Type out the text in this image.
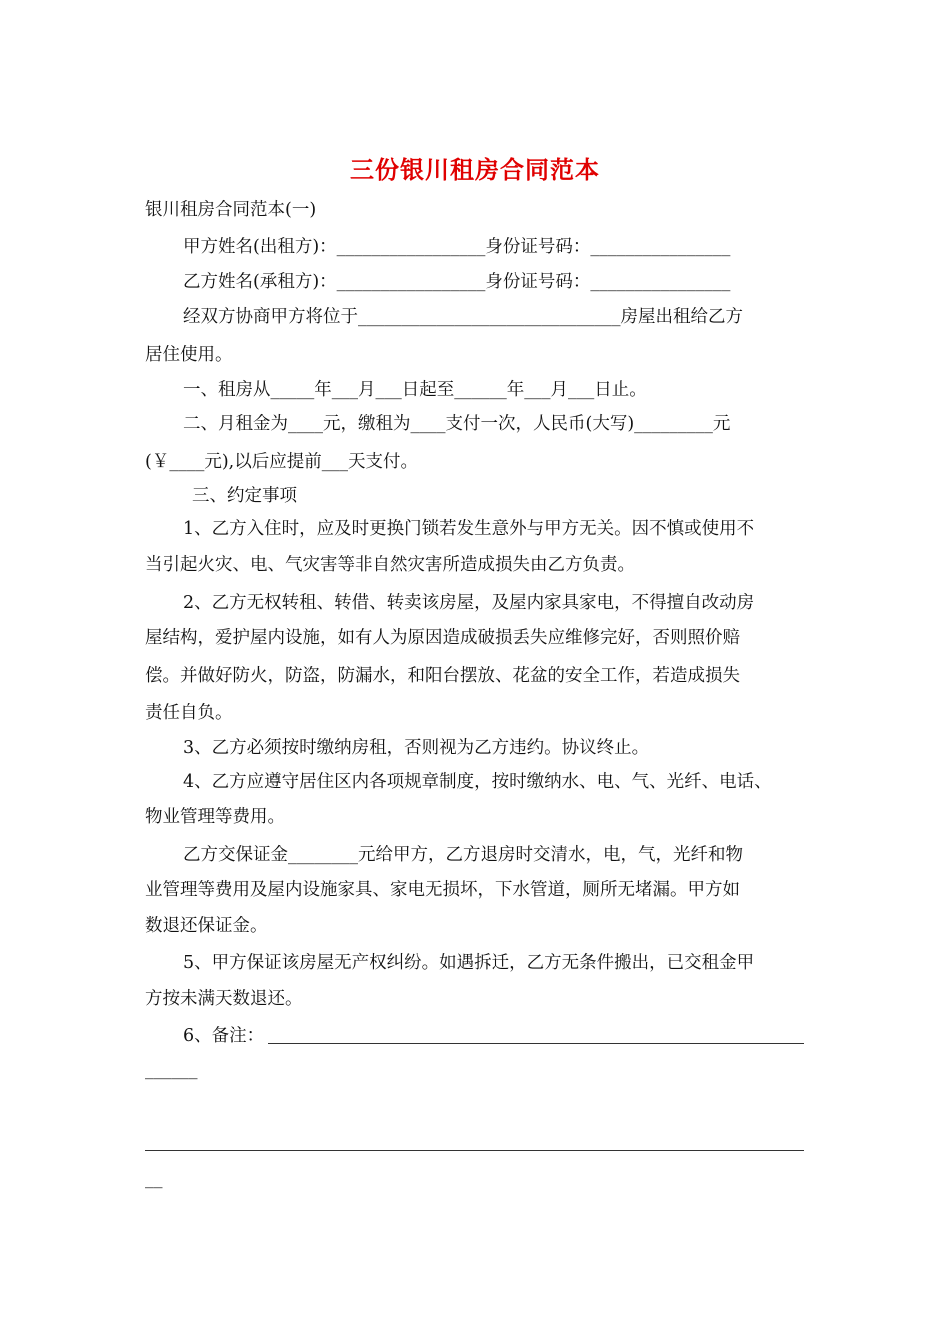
三份银川租房合同范本
银川租房合同范本(一)
甲方姓名(出租方)：_________________身份证号码：________________
乙方姓名(承租方)：_________________身份证号码：________________
经双方协商甲方将位于______________________________房屋出租给乙方
居住使用。
一、租房从_____年___月___日起至______年___月___日止。
二、月租金为____元，缴租为____支付一次，人民币(大写)_________元
(￥____元),以后应提前___天支付。
三、约定事项
1、乙方入住时，应及时更换门锁若发生意外与甲方无关。因不慎或使用不
当引起火灾、电、气灾害等非自然灾害所造成损失由乙方负责。
2、乙方无权转租、转借、转卖该房屋，及屋内家具家电，不得擅自改动房
屋结构，爱护屋内设施，如有人为原因造成破损丢失应维修完好，否则照价赔
偿。并做好防火，防盗，防漏水，和阳台摆放、花盆的安全工作，若造成损失
责任自负。
3、乙方必须按时缴纳房租，否则视为乙方违约。协议终止。
4、乙方应遵守居住区内各项规章制度，按时缴纳水、电、气、光纤、电话、
物业管理等费用。
乙方交保证金________元给甲方，乙方退房时交清水，电，气，光纤和物
业管理等费用及屋内设施家具、家电无损坏，下水管道，厕所无堵漏。甲方如
数退还保证金。
5、甲方保证该房屋无产权纠纷。如遇拆迁，乙方无条件搬出，已交租金甲
方按未满天数退还。
6、备注：
______
__
